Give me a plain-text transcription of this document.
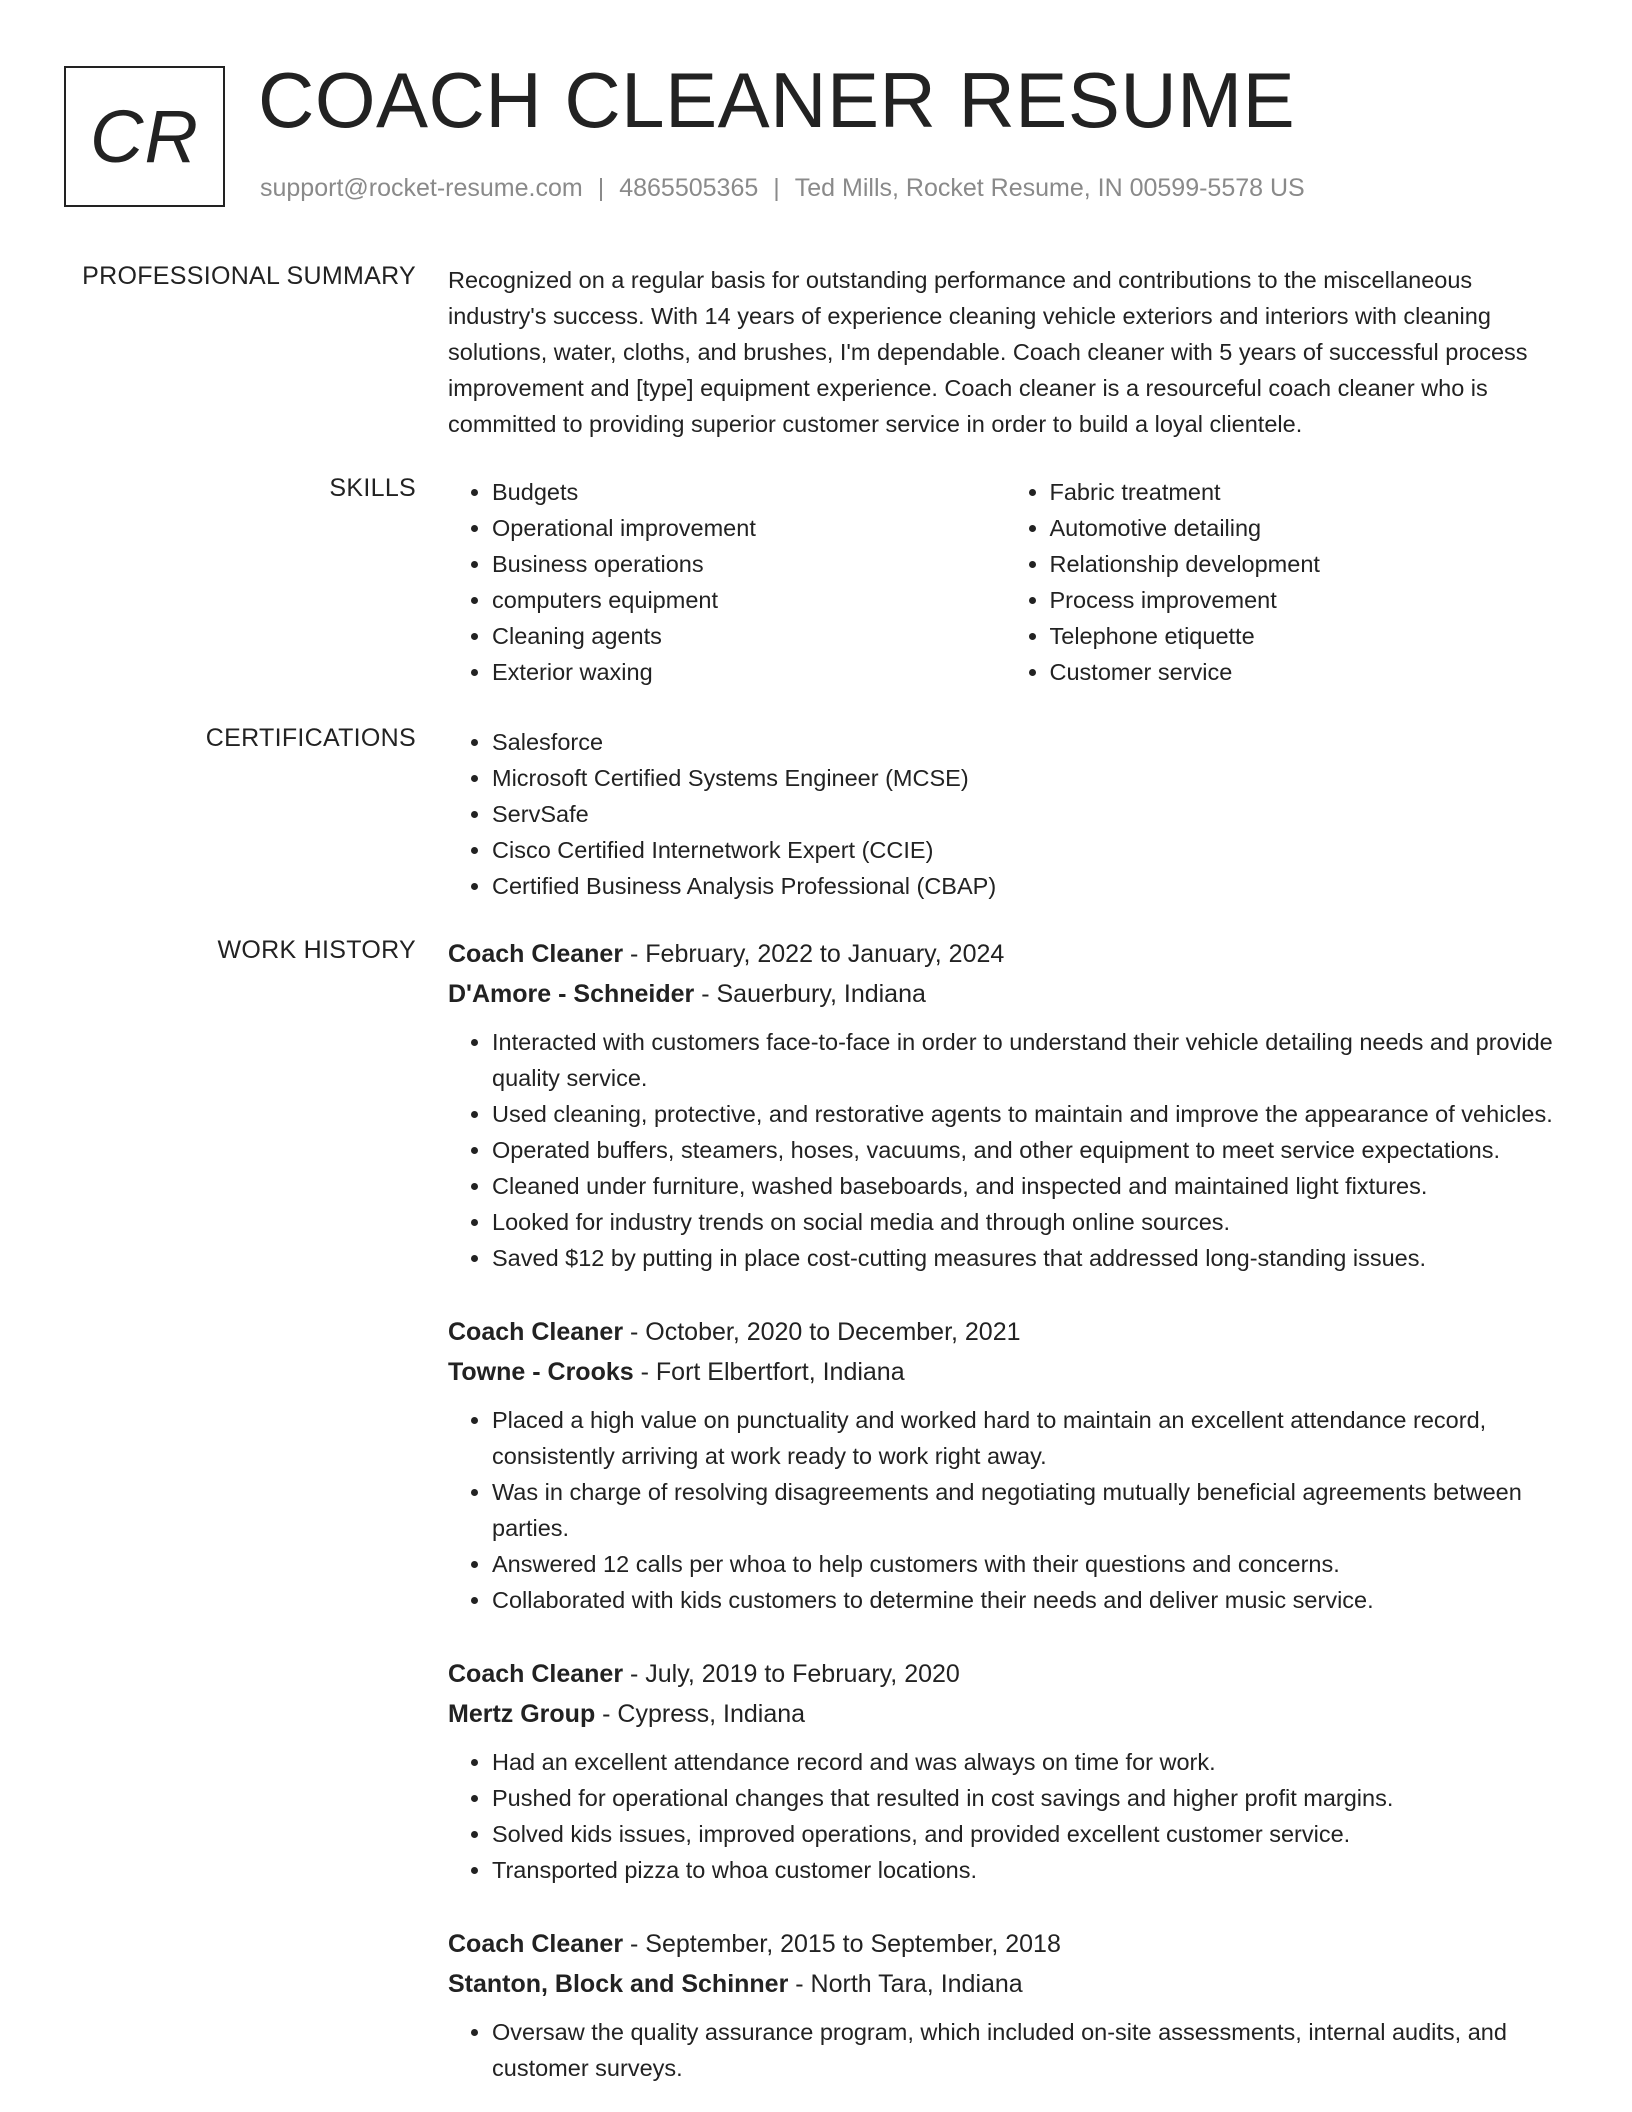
CR COACH CLEANER RESUME
support@rocket-resume.com | 4865505365 | Ted Mills, Rocket Resume, IN 00599-5578 US
PROFESSIONAL SUMMARY Recognized on a regular basis for outstanding performance and contributions to the miscellaneous industry's success. With 14 years of experience cleaning vehicle exteriors and interiors with cleaning solutions, water, cloths, and brushes, I'm dependable. Coach cleaner with 5 years of successful process improvement and [type] equipment experience. Coach cleaner is a resourceful coach cleaner who is committed to providing superior customer service in order to build a loyal clientele.

SKILLS	• Budgets
• Operational improvement
• Business operations
• computers equipment
• Cleaning agents
• Exterior waxing
• Fabric treatment
• Automotive detailing
• Relationship development
• Process improvement
• Telephone etiquette
• Customer service
CERTIFICATIONS	• Salesforce
• Microsoft Certified Systems Engineer (MCSE)
• ServSafe
• Cisco Certified Internetwork Expert (CCIE)
• Certified Business Analysis Professional (CBAP)
WORK HISTORY Coach Cleaner - February, 2022 to January, 2024
D'Amore - Schneider - Sauerbury, Indiana
• Interacted with customers face-to-face in order to understand their vehicle detailing needs and provide quality service.
• Used cleaning, protective, and restorative agents to maintain and improve the appearance of vehicles.
• Operated buffers, steamers, hoses, vacuums, and other equipment to meet service expectations.
• Cleaned under furniture, washed baseboards, and inspected and maintained light fixtures.
• Looked for industry trends on social media and through online sources.
• Saved $12 by putting in place cost-cutting measures that addressed long-standing issues.
Coach Cleaner - October, 2020 to December, 2021
Towne - Crooks - Fort Elbertfort, Indiana
• Placed a high value on punctuality and worked hard to maintain an excellent attendance record, consistently arriving at work ready to work right away.
• Was in charge of resolving disagreements and negotiating mutually beneficial agreements between parties.
• Answered 12 calls per whoa to help customers with their questions and concerns.
• Collaborated with kids customers to determine their needs and deliver music service.
Coach Cleaner - July, 2019 to February, 2020
Mertz Group - Cypress, Indiana
• Had an excellent attendance record and was always on time for work.
• Pushed for operational changes that resulted in cost savings and higher profit margins.
• Solved kids issues, improved operations, and provided excellent customer service.
• Transported pizza to whoa customer locations.
Coach Cleaner - September, 2015 to September, 2018
Stanton, Block and Schinner - North Tara, Indiana
• Oversaw the quality assurance program, which included on-site assessments, internal audits, and customer surveys.
